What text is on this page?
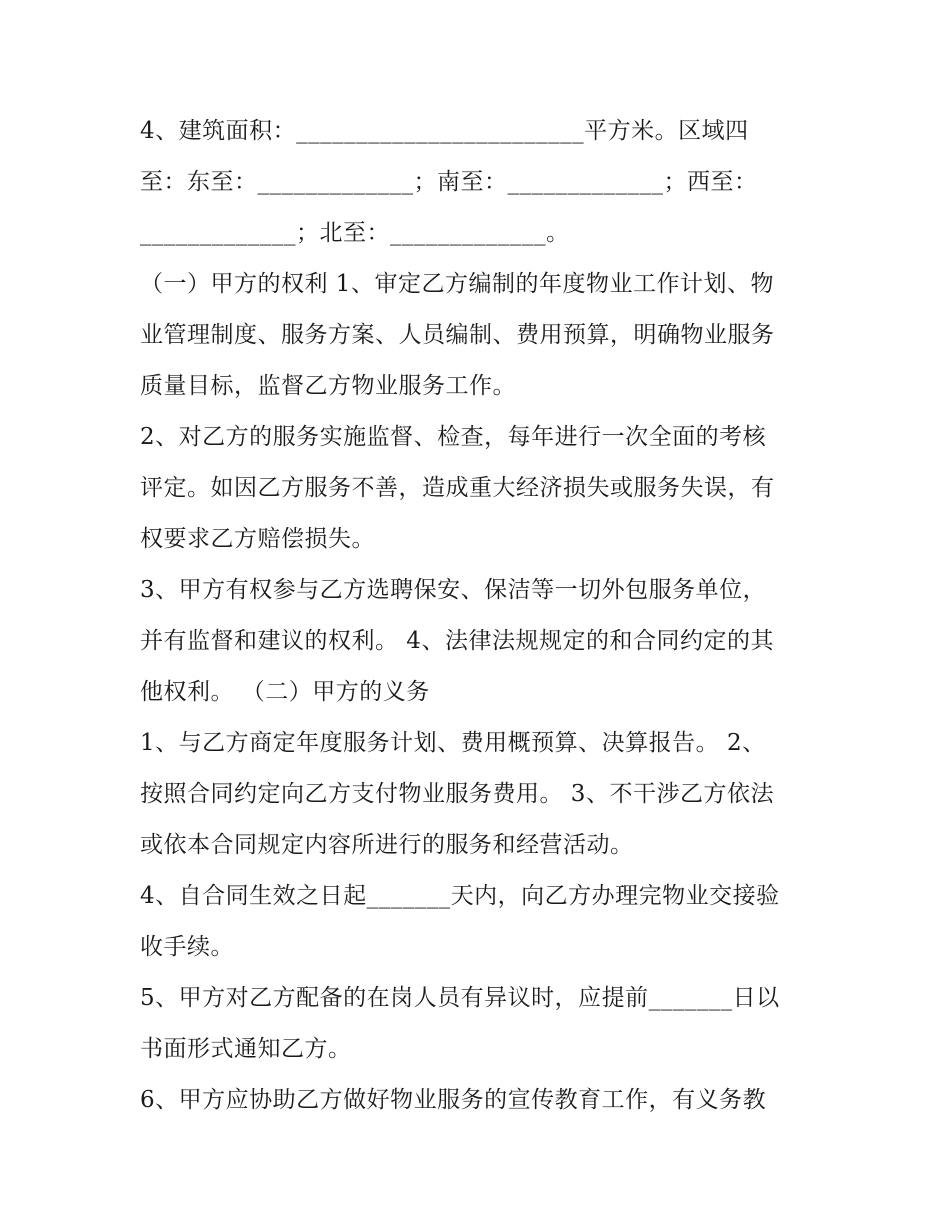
4、建筑面积：________________________平方米。区域四
至：东至：_____________；南至：_____________；西至：
_____________；北至：_____________。
（一）甲方的权利 1、审定乙方编制的年度物业工作计划、物
业管理制度、服务方案、人员编制、费用预算，明确物业服务
质量目标，监督乙方物业服务工作。
2、对乙方的服务实施监督、检查，每年进行一次全面的考核
评定。如因乙方服务不善，造成重大经济损失或服务失误，有
权要求乙方赔偿损失。
3、甲方有权参与乙方选聘保安、保洁等一切外包服务单位，
并有监督和建议的权利。 4、法律法规规定的和合同约定的其
他权利。 （二）甲方的义务
1、与乙方商定年度服务计划、费用概预算、决算报告。 2、
按照合同约定向乙方支付物业服务费用。 3、不干涉乙方依法
或依本合同规定内容所进行的服务和经营活动。
4、自合同生效之日起_______天内，向乙方办理完物业交接验
收手续。
5、甲方对乙方配备的在岗人员有异议时，应提前_______日以
书面形式通知乙方。
6、甲方应协助乙方做好物业服务的宣传教育工作，有义务教
